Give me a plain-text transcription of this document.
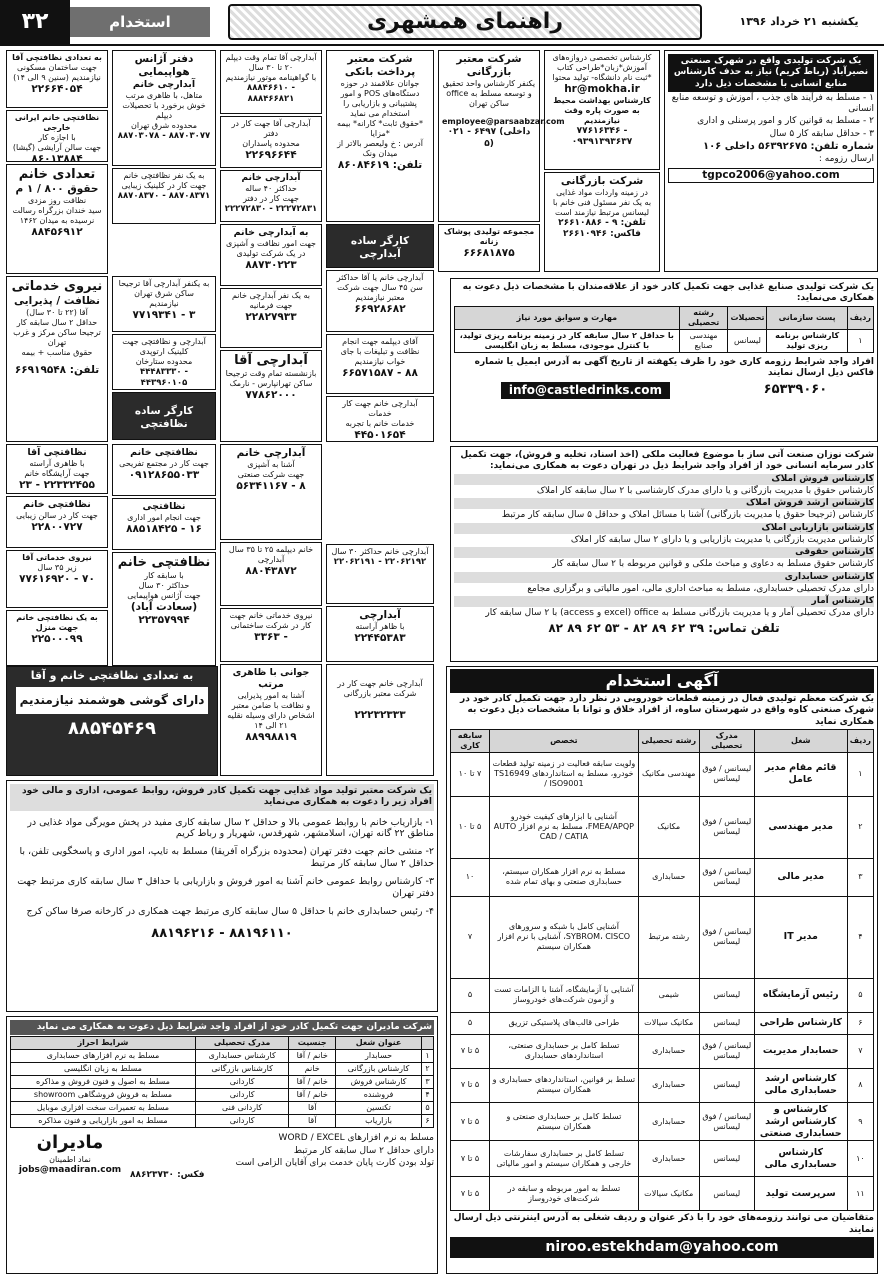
۳۲	استخدام	راهنمای همشهری	یکشنبه ۲۱ خرداد ۱۳۹۶
یک شرکت تولیدی واقع در شهرک صنعتی نصیرآباد (رباط کریم) نیاز به حذف کارشناس منابع انسانی با مشخصات ذیل دارد
۱ - مسلط به فرآیند های جذب ، آموزش و توسعه منابع انسانی
۲ - مسلط به قوانین کار و امور پرسنلی و اداری
۳ - حداقل سابقه کار ۵ سال
شماره تلفن: ۵۶۳۹۲۶۷۵ داخلی ۱۰۶
ارسال رزومه :
tgpco2006@yahoo.com
کارشناس تخصصی دروازه‌های آموزش*زبان*طراحی کتاب
*ثبت نام دانشگاه- تولید محتوا
hr@mokha.ir
کارشناس بهداشت محیط به صورت پاره وقت نیازمندیم
۷۷۶۱۶۳۴۶ - ۰۹۳۹۱۳۹۳۶۳۷
شرکت بازرگانی
در زمینه واردات مواد غذایی
به یک نفر مسئول فنی خانم با لیسانس مرتبط نیازمند است
تلفن: ۹ - ۲۶۶۱۰۸۸۶
فاکس: ۲۶۶۱۰۹۴۶
شرکت معتبر بازرگانی
یکنفر کارشناس واحد تحقیق و توسعه مسلط به office
ساکن تهران
employee@parsaabzar.com
۰۲۱ - ۶۴۹۷ (داخلی ۵)
مجموعه تولیدی پوشاک زنانه
۶۶۶۸۱۸۷۵
شرکت معتبر پرداخت بانکی
جوانان علاقمند در حوزه دستگاه‌های POS و امور پشتیبانی و بازاریابی را استخدام می نماید
*حقوق ثابت* کارانه* بیمه *مزایا
آدرس : خ ولیعصر بالاتر از میدان ونک
تلفن: ۸۶۰۸۴۶۱۹
کارگر ساده آبدارچی
آبدارچی آقا تمام وقت دیپلم ۲۰ تا ۳۰ سال
با گواهینامه موتور نیازمندیم
۸۸۸۴۶۶۱۰ - ۸۸۸۴۶۶۸۲۱
آبدارچی آقا جهت کار در دفتر
محدوده پاسداران
۲۲۶۹۶۶۴۴
آبدارچی خانم
حداکثر ۴۰ ساله
جهت کار در دفتر
۲۲۲۷۲۸۳۰ - ۲۲۲۷۲۸۳۱
به آبدارچی خانم
جهت امور نظافت و آشپزی
در یک شرکت تولیدی
۸۸۷۳۰۲۲۳
دفتر آژانس هواپیمایی
آبدارچی خانم
متاهل، با ظاهری مرتب
خوش برخورد با تحصیلات دیپلم
محدوده شرق تهران
۸۸۷۰۳۰۷۸ - ۸۸۷۰۳۰۷۷
به یک نفر نظافتچی خانم جهت کار در کلینیک زیبایی
۸۸۷۰۸۳۷۰ - ۸۸۷۰۸۳۷۱
به تعدادی نظافتچی آقا
جهت ساختمان مسکونی
نیازمندیم (سنین ۹ الی ۱۴)
۲۲۶۶۴۰۵۴
نظافتچی خانم ایرانی خارجی
با اجازه کار
جهت سالن آرایشی (گیشا)
۸۶۰۱۳۸۸۴
تعدادی خانم
حقوق ۸۰۰ / ۱ م
نظافت روز مزدی
سید خندان بزرگراه رسالت
نرسیده به میدان ۱۴۶۲
۸۸۴۵۶۹۱۲
نیروی خدماتی
نظافت / پذیرایی
آقا (۲۲ تا ۳۰ سال)
حداقل ۲ سال سابقه کار
ترجیحا ساکن مرکز و غرب تهران
حقوق مناسب + بیمه
تلفن: ۶۶۹۱۹۵۴۸
به یکنفر آبدارچی آقا ترجیحا ساکن شرق تهران
نیازمندیم
۷۷۱۹۳۴۱ - ۳
آبدارچی و نظافتچی جهت کلینیک ارتوپدی
محدوده ستارخان
۴۴۴۸۳۳۳۰ - ۴۴۳۹۶۰۱۰۵
کارگر ساده نظافتچی
به یک نفر آبدارچی خانم
جهت فرمانیه
۲۲۸۲۷۹۳۳
آبدارچی آقا
بازنشسته تمام وقت ترجیحا ساکن تهرانپارس - نارمک
۷۷۸۶۲۰۰۰
آبدارچی خانم یا آقا حداکثر سن ۴۵ سال جهت شرکت معتبر نیازمندیم
۶۶۹۲۸۶۸۲
آقای دیپلمه جهت انجام نظافت و تبلیغات با جای خواب نیازمندیم
۶۶۵۷۱۵۸۷ - ۸۸
آبدارچی خانم جهت کار خدمات
خدمات خانم با تجربه
۴۴۵۰۱۶۵۴
یک شرکت تولیدی صنایع غذایی جهت تکمیل کادر خود از علاقه‌مندان با مشخصات ذیل دعوت به همکاری می‌نماید:
ردیف	پست سازمانی	تحصیلات	رشته تحصیلی	مهارت و سوابق مورد نیاز
۱	کارشناس برنامه ریزی تولید	لیسانس	مهندسی صنایع	با حداقل ۲ سال سابقه کار در زمینه برنامه ریزی تولید، با کنترل موجودی، مسلط به زبان انگلیسی
افراد واجد شرایط رزومه کاری خود را ظرف یکهفته از تاریخ آگهی به آدرس ایمیل یا شماره فاکس ذیل ارسال نمایند
info@castledrinks.com	۶۵۳۳۹۰۶۰
شرکت نوزان صنعت آتی ساز با موضوع فعالیت ملکی (اخذ اسناد، تخلیه و فروش)، جهت تکمیل کادر سرمایه انسانی خود از افراد واجد شرایط ذیل در تهران دعوت به همکاری می‌نماید:
کارشناس فروش املاک
کارشناس حقوق با مدیریت بازرگانی و یا دارای مدرک کارشناسی با ۲ سال سابقه کار املاک
کارشناس ارشد فروش املاک
کارشناس (ترجیحا حقوق یا مدیریت بازرگانی) آشنا با مسائل املاک و حداقل ۵ سال سابقه کار مرتبط
کارشناس بازاریابی املاک
کارشناس مدیریت بازرگانی یا مدیریت بازاریابی و یا دارای ۲ سال سابقه کار املاک
کارشناس حقوقی
کارشناس حقوق مسلط به دعاوی و مباحث ملکی و قوانین مربوطه با ۲ سال سابقه کار
کارشناس حسابداری
دارای مدرک تحصیلی حسابداری، مسلط به مباحث اداری مالی، امور مالیاتی و برگزاری مجامع
کارشناس آمار
دارای مدرک تحصیلی آمار و یا مدیریت بازرگانی مسلط به office (excel و access) با ۲ سال سابقه کار
تلفن تماس: ۳۹ ۶۲ ۸۹ ۸۲ - ۵۳ ۶۲ ۸۹ ۸۲
نظافتچی آقا
با ظاهری آراسته
جهت آرایشگاه خانم
۲۳ - ۲۲۳۳۲۴۵۵
نظافتچی خانم
جهت کار در سالن زیبایی
۲۲۸۰۰۷۲۷
نیروی خدماتی آقا
زیر ۳۵ سال
۷۷۶۱۶۹۲۰ - ۷۰
به یک نظافتچی خانم جهت منزل
۲۲۵۰۰۰۹۹
نظافتچی خانم
جهت کار در مجتمع تفریحی
۰۹۱۲۸۶۵۵۰۳۳
نظافتچی
جهت انجام امور اداری
۸۸۵۱۸۴۲۵ - ۱۶
نظافتچی خانم
با سابقه کار
حداکثر ۳۰ سال
جهت آژانس هواپیمایی
(سعادت آباد)
۲۲۳۵۷۹۹۴
آبدارچی خانم
آشنا به آشپزی
جهت شرکت صنعتی
۵۶۳۴۱۱۶۷ - ۸
خانم دیپلمه ۲۵ تا ۳۵ سال
آبدارچی
۸۸۰۴۳۸۷۲
نیروی خدماتی خانم جهت کار در شرکت ساختمانی
۳۳۶۳ -
آبدارچی خانم حداکثر ۳۰ سال
۲۲۰۶۲۱۹۱ - ۲۲۰۶۲۱۹۲
آبدارچی
با ظاهر آراسته
۲۲۴۴۵۳۸۳
به تعدادی نظافتچی خانم و آقا
دارای گوشی هوشمند نیازمندیم
۸۸۵۴۵۴۶۹
جوانی با ظاهری مرتب
آشنا به امور پذیرایی
و نظافت با ضامن معتبر
اشخاص دارای وسیله نقلیه
۲۱ الی ۱۴
۸۸۹۹۸۸۱۹
آبدارچی خانم جهت کار در شرکت معتبر بازرگانی
۲۲۲۳۲۳۳۳
یک شرکت معتبر تولید مواد غذایی جهت تکمیل کادر فروش، روابط عمومی، اداری و مالی خود افراد زیر را دعوت به همکاری می‌نماید
۱- بازاریاب خانم با روابط عمومی بالا و حداقل ۲ سال سابقه کاری مفید در پخش مویرگی مواد غذایی در مناطق ۲۲ گانه تهران، اسلامشهر، شهرقدس، شهریار و رباط کریم
۲- منشی خانم جهت دفتر تهران (محدوده بزرگراه آفریقا) مسلط به تایپ، امور اداری و پاسخگویی تلفن، با حداقل ۲ سال سابقه کار مرتبط
۳- کارشناس روابط عمومی خانم آشنا به امور فروش و بازاریابی با حداقل ۳ سال سابقه کاری مرتبط جهت دفتر تهران
۴- رئیس حسابداری خانم با حداقل ۵ سال سابقه کاری مرتبط جهت همکاری در کارخانه صرفا ساکن کرج
۸۸۱۹۶۱۱۰ - ۸۸۱۹۶۲۱۶
شرکت مادیران جهت تکمیل کادر خود از افراد واجد شرایط ذیل دعوت به همکاری می نماید
	عنوان شغل	جنسیت	مدرک تحصیلی	شرایط احراز
۱	حسابدار	خانم / آقا	کارشناس حسابداری	مسلط به نرم افزارهای حسابداری
۲	کارشناس بازرگانی	خانم	کارشناس بازرگانی	مسلط به زبان انگلیسی
۳	کارشناس فروش	خانم / آقا	کاردانی	مسلط به اصول و فنون فروش و مذاکره
۴	فروشنده	خانم / آقا	کاردانی	مسلط به فروش فروشگاهی showroom
۵	تکنسین	آقا	کاردانی فنی	مسلط به تعمیرات سخت افزاری موبایل
۶	بازاریاب	آقا	کاردانی	مسلط به امور بازاریابی و فنون مذاکره
مسلط به نرم افزارهای WORD / EXCEL
دارای حداقل ۲ سال سابقه کار مرتبط
تولد بودن کارت پایان خدمت برای آقایان الزامی است
فکس: ۸۸۶۲۳۷۳۰
مادیران
نماد اطمینان
jobs@maadiran.com
آگهی استخدام
یک شرکت معظم تولیدی فعال در زمینه قطعات خودرویی در نظر دارد جهت تکمیل کادر خود در شهرک صنعتی کاوه واقع در شهرستان ساوه، از افراد خلاق و توانا با مشخصات ذیل دعوت به همکاری نماید
ردیف	شغل	مدرک تحصیلی	رشته تحصیلی	تخصص	سابقه کاری
۱	قائم مقام مدیر عامل	لیسانس / فوق لیسانس	مهندسی مکانیک	ولویت سابقه فعالیت در زمینه تولید قطعات خودرو، مسلط به استانداردهای TS16949 / ISO9001	۷ تا ۱۰
۲	مدیر مهندسی	لیسانس / فوق لیسانس	مکانیک	آشنایی با ابزارهای کیفیت خودرو FMEA/APQP، مسلط به نرم افزار AUTO CAD / CATIA	۵ تا ۱۰
۳	مدیر مالی	لیسانس / فوق لیسانس	حسابداری	مسلط به نرم افزار همکاران سیستم، حسابداری صنعتی و بهای تمام شده	۱۰
۴	مدیر IT	لیسانس / فوق لیسانس	رشته مرتبط	آشنایی کامل با شبکه و سرورهای SYBROM، CISCO، آشنایی با نرم افزار همکاران سیستم	۷
۵	رئیس آزمایشگاه	لیسانس	شیمی	آشنایی با آزمایشگاه، آشنا با الزامات تست و آزمون شرکت‌های خودروساز	۵
۶	کارشناس طراحی	لیسانس	مکانیک سیالات	طراحی قالب‌های پلاستیکی تزریق	۵
۷	حسابدار مدیریت	لیسانس / فوق لیسانس	حسابداری	تسلط کامل بر حسابداری صنعتی، استانداردهای حسابداری	۵ تا ۷
۸	کارشناس ارشد حسابداری مالی	لیسانس	حسابداری	تسلط بر قوانین، استانداردهای حسابداری و همکاران سیستم	۵ تا ۷
۹	کارشناس و کارشناس ارشد حسابداری صنعتی	لیسانس / فوق لیسانس	حسابداری	تسلط کامل بر حسابداری صنعتی و همکاران سیستم	۵ تا ۷
۱۰	کارشناس حسابداری مالی	لیسانس	حسابداری	تسلط کامل بر حسابداری سفارشات خارجی و همکاران سیستم و امور مالیاتی	۵ تا ۷
۱۱	سرپرست تولید	لیسانس	مکانیک سیالات	تسلط به امور مربوطه و سابقه در شرکت‌های خودروساز	۵ تا ۷
متقاضیان می توانند رزومه‌های خود را با ذکر عنوان و ردیف شغلی به آدرس اینترنتی ذیل ارسال نمایند
niroo.estekhdam@yahoo.com
